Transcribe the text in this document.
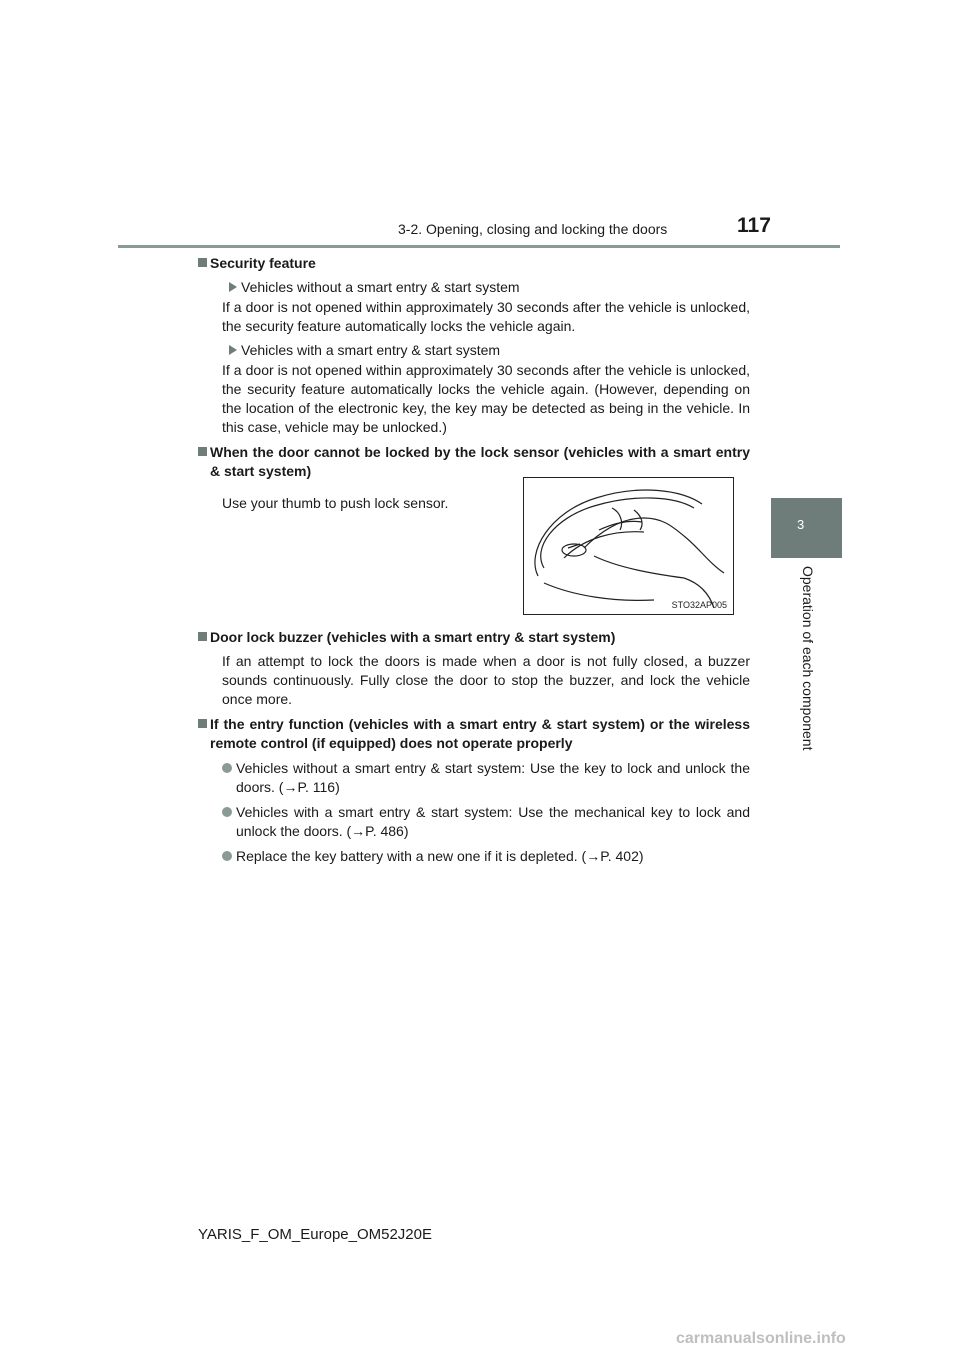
3-2. Opening, closing and locking the doors	117
3
Operation of each component
Security feature
Vehicles without a smart entry & start system
If a door is not opened within approximately 30 seconds after the vehicle is unlocked, the security feature automatically locks the vehicle again.
Vehicles with a smart entry & start system
If a door is not opened within approximately 30 seconds after the vehicle is unlocked, the security feature automatically locks the vehicle again. (However, depending on the location of the electronic key, the key may be detected as being in the vehicle. In this case, vehicle may be unlocked.)
When the door cannot be locked by the lock sensor (vehicles with a smart entry & start system)
Use your thumb to push lock sensor.
STO32AP005
Door lock buzzer (vehicles with a smart entry & start system)
If an attempt to lock the doors is made when a door is not fully closed, a buzzer sounds continuously. Fully close the door to stop the buzzer, and lock the vehicle once more.
If the entry function (vehicles with a smart entry & start system) or the wireless remote control (if equipped) does not operate properly
Vehicles without a smart entry & start system: Use the key to lock and unlock the doors. (→P. 116)
Vehicles with a smart entry & start system: Use the mechanical key to lock and unlock the doors. (→P. 486)
Replace the key battery with a new one if it is depleted. (→P. 402)
YARIS_F_OM_Europe_OM52J20E
carmanualsonline.info
